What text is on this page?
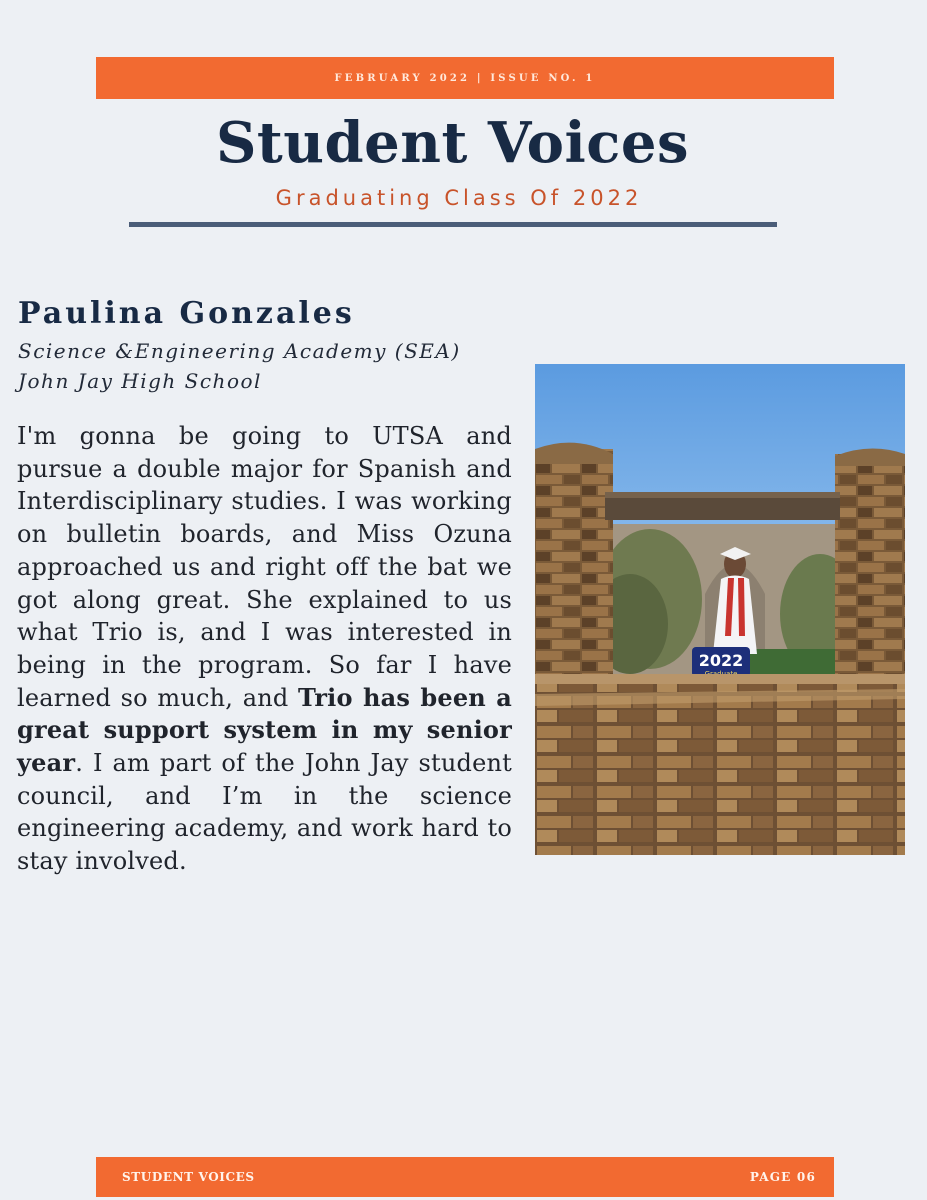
FEBRUARY 2022 | ISSUE NO. 1
Student Voices
Graduating Class Of 2022
Paulina Gonzales
Science &Engineering Academy (SEA)
John Jay High School

I'm gonna be going to UTSA and pursue a double major for Spanish and Interdisciplinary studies. I was working on bulletin boards, and Miss Ozuna approached us and right off the bat we got along great. She explained to us what Trio is, and I was interested in being in the program. So far I have learned so much, and Trio has been a great support system in my senior year. I am part of the John Jay student council, and I’m in the science engineering academy, and work hard to stay involved.

2022
STUDENT VOICES	PAGE 06
